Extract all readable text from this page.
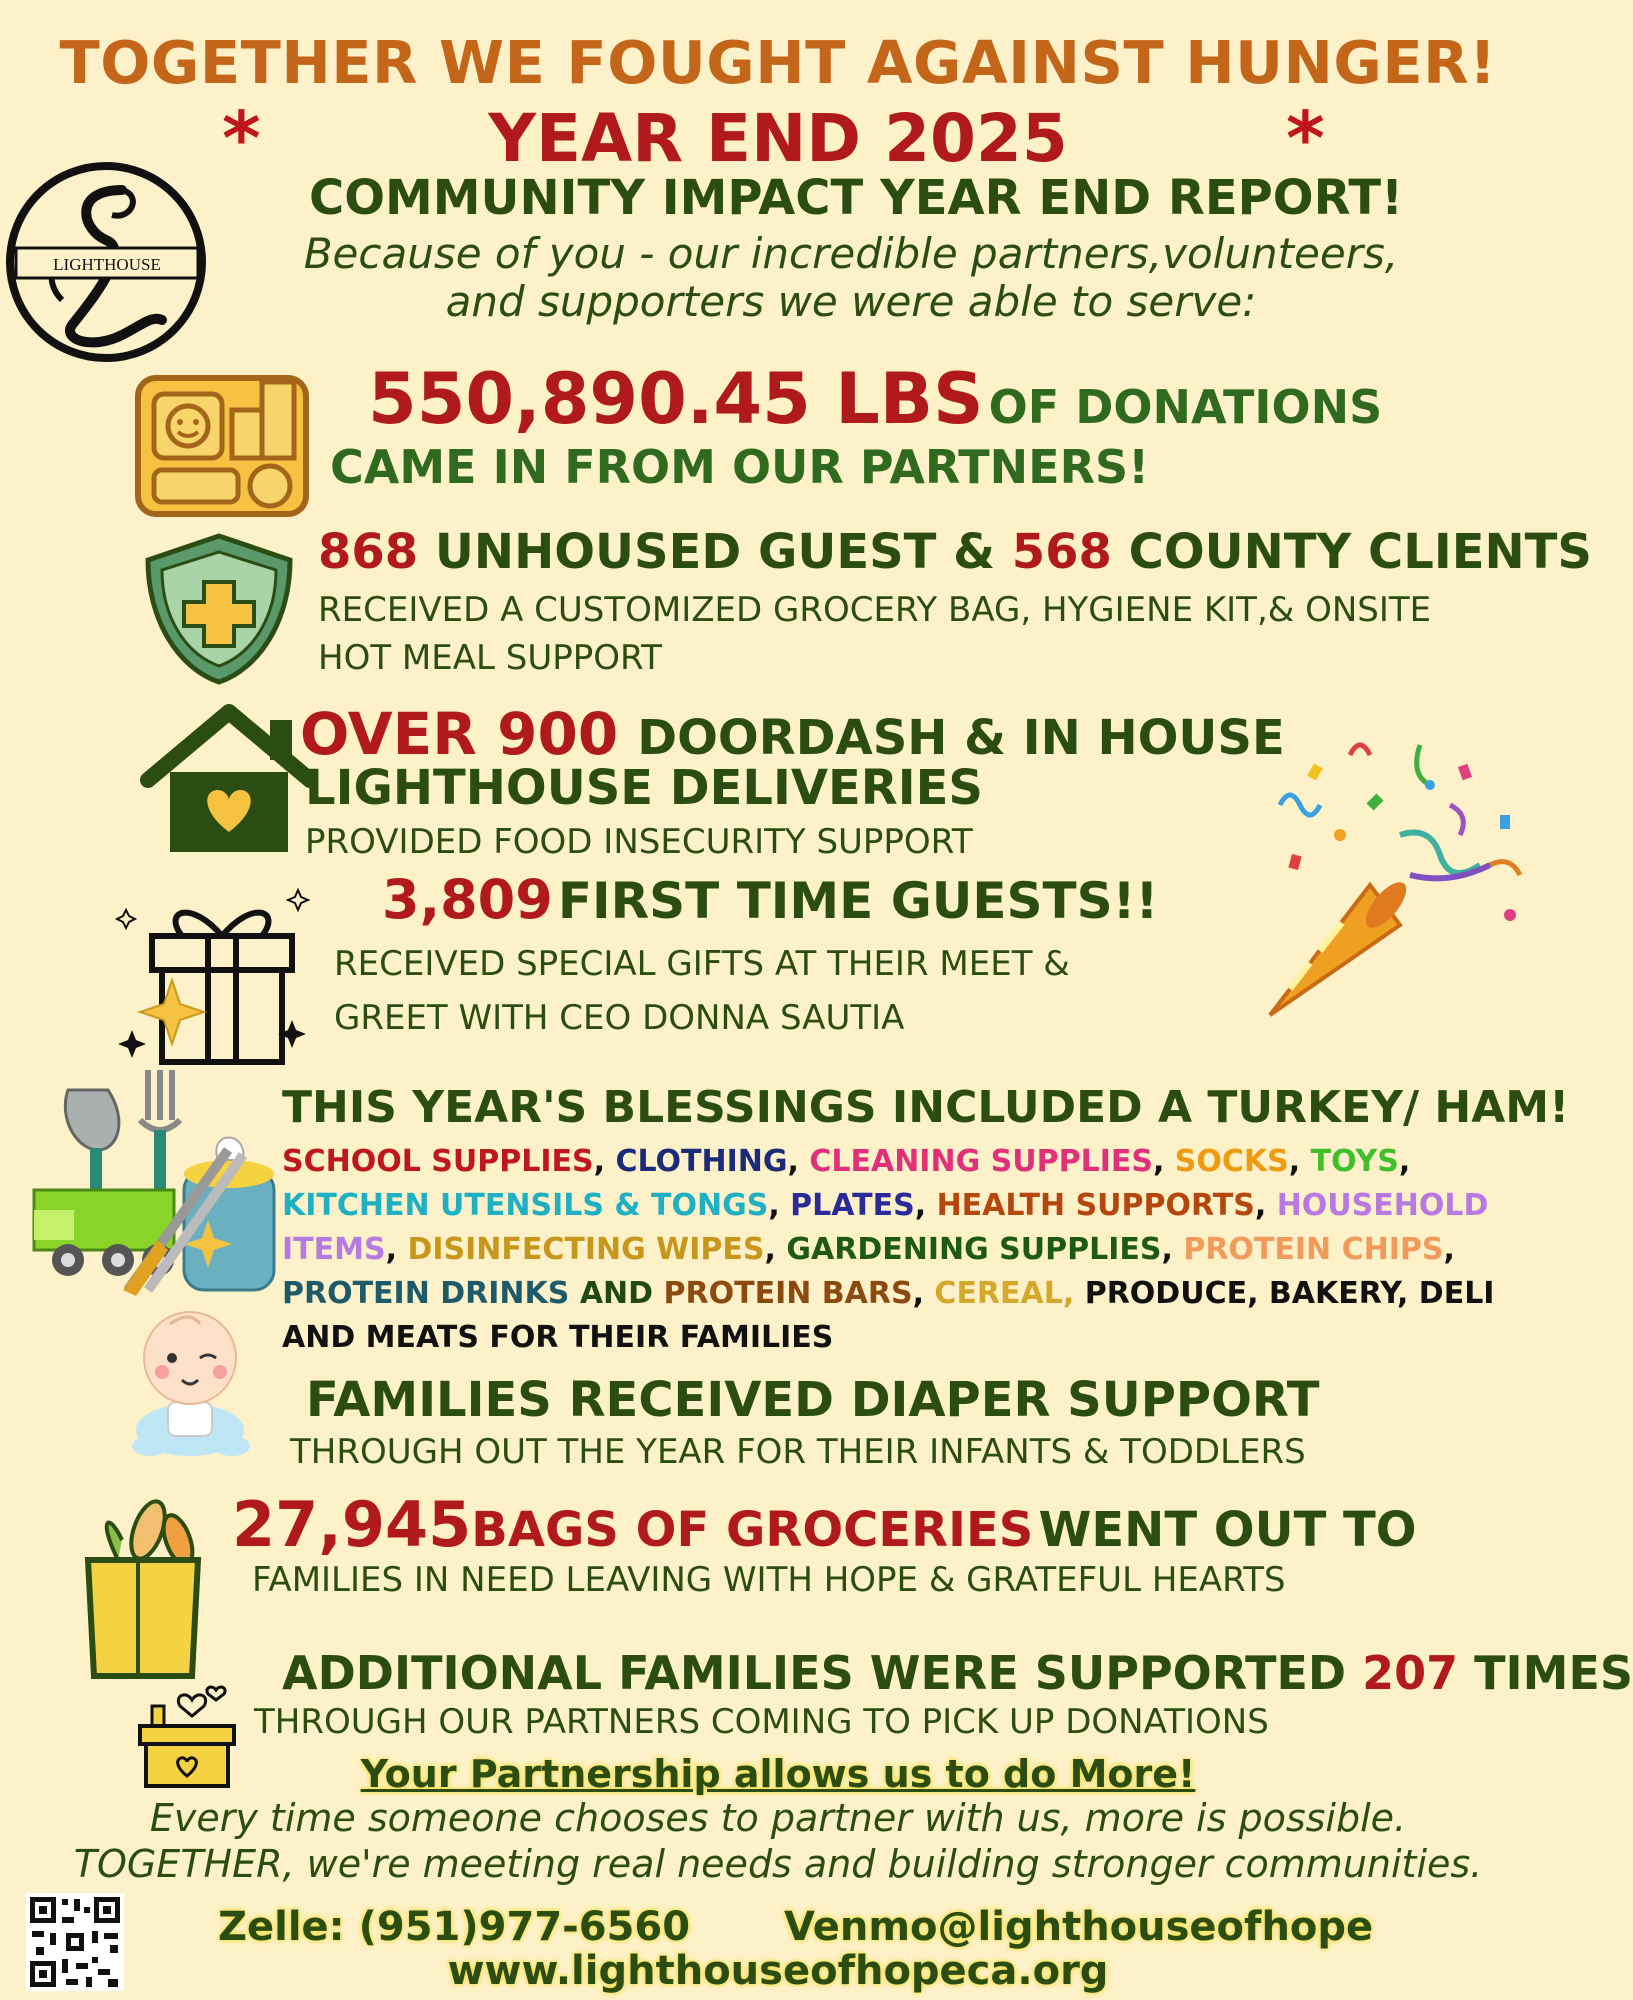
TOGETHER WE FOUGHT AGAINST HUNGER!
*	YEAR END 2025	*
LIGHTHOUSE
COMMUNITY IMPACT YEAR END REPORT!
Because of you - our incredible partners,volunteers,
and supporters we were able to serve:
550,890.45 LBS OF DONATIONS
CAME IN FROM OUR PARTNERS!
868 UNHOUSED GUEST & 568 COUNTY CLIENTS
RECEIVED A CUSTOMIZED GROCERY BAG, HYGIENE KIT,& ONSITE
HOT MEAL SUPPORT
OVER 900 DOORDASH & IN HOUSE
LIGHTHOUSE DELIVERIES
PROVIDED FOOD INSECURITY SUPPORT
3,809 FIRST TIME GUESTS!!
RECEIVED SPECIAL GIFTS AT THEIR MEET &
GREET WITH CEO DONNA SAUTIA
THIS YEAR'S BLESSINGS INCLUDED A TURKEY/ HAM!
SCHOOL SUPPLIES, CLOTHING, CLEANING SUPPLIES, SOCKS, TOYS, KITCHEN UTENSILS & TONGS, PLATES, HEALTH SUPPORTS, HOUSEHOLD ITEMS, DISINFECTING WIPES, GARDENING SUPPLIES, PROTEIN CHIPS, PROTEIN DRINKS AND PROTEIN BARS, CEREAL, PRODUCE, BAKERY, DELI AND MEATS FOR THEIR FAMILIES
FAMILIES RECEIVED DIAPER SUPPORT
THROUGH OUT THE YEAR FOR THEIR INFANTS & TODDLERS
27,945BAGS OF GROCERIES WENT OUT TO
FAMILIES IN NEED LEAVING WITH HOPE & GRATEFUL HEARTS
ADDITIONAL FAMILIES WERE SUPPORTED 207 TIMES
THROUGH OUR PARTNERS COMING TO PICK UP DONATIONS
Your Partnership allows us to do More!
Every time someone chooses to partner with us, more is possible.
TOGETHER, we're meeting real needs and building stronger communities.
Zelle: (951)977-6560 Venmo@lighthouseofhope
www.lighthouseofhopeca.org
